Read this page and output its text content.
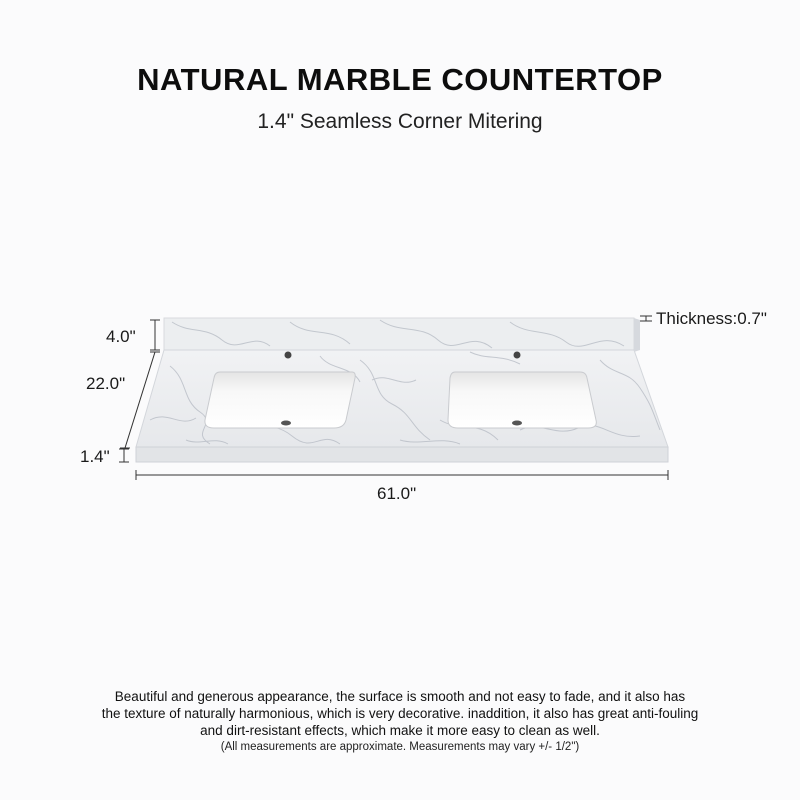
NATURAL MARBLE COUNTERTOP
1.4" Seamless Corner Mitering
4.0"
22.0"
1.4"
61.0"
Thickness:0.7"
Beautiful and generous appearance, the surface is smooth and not easy to fade, and it also has
the texture of naturally harmonious, which is very decorative. inaddition, it also has great anti-fouling
and dirt-resistant effects, which make it more easy to clean as well.
(All measurements are approximate. Measurements may vary +/- 1/2")
